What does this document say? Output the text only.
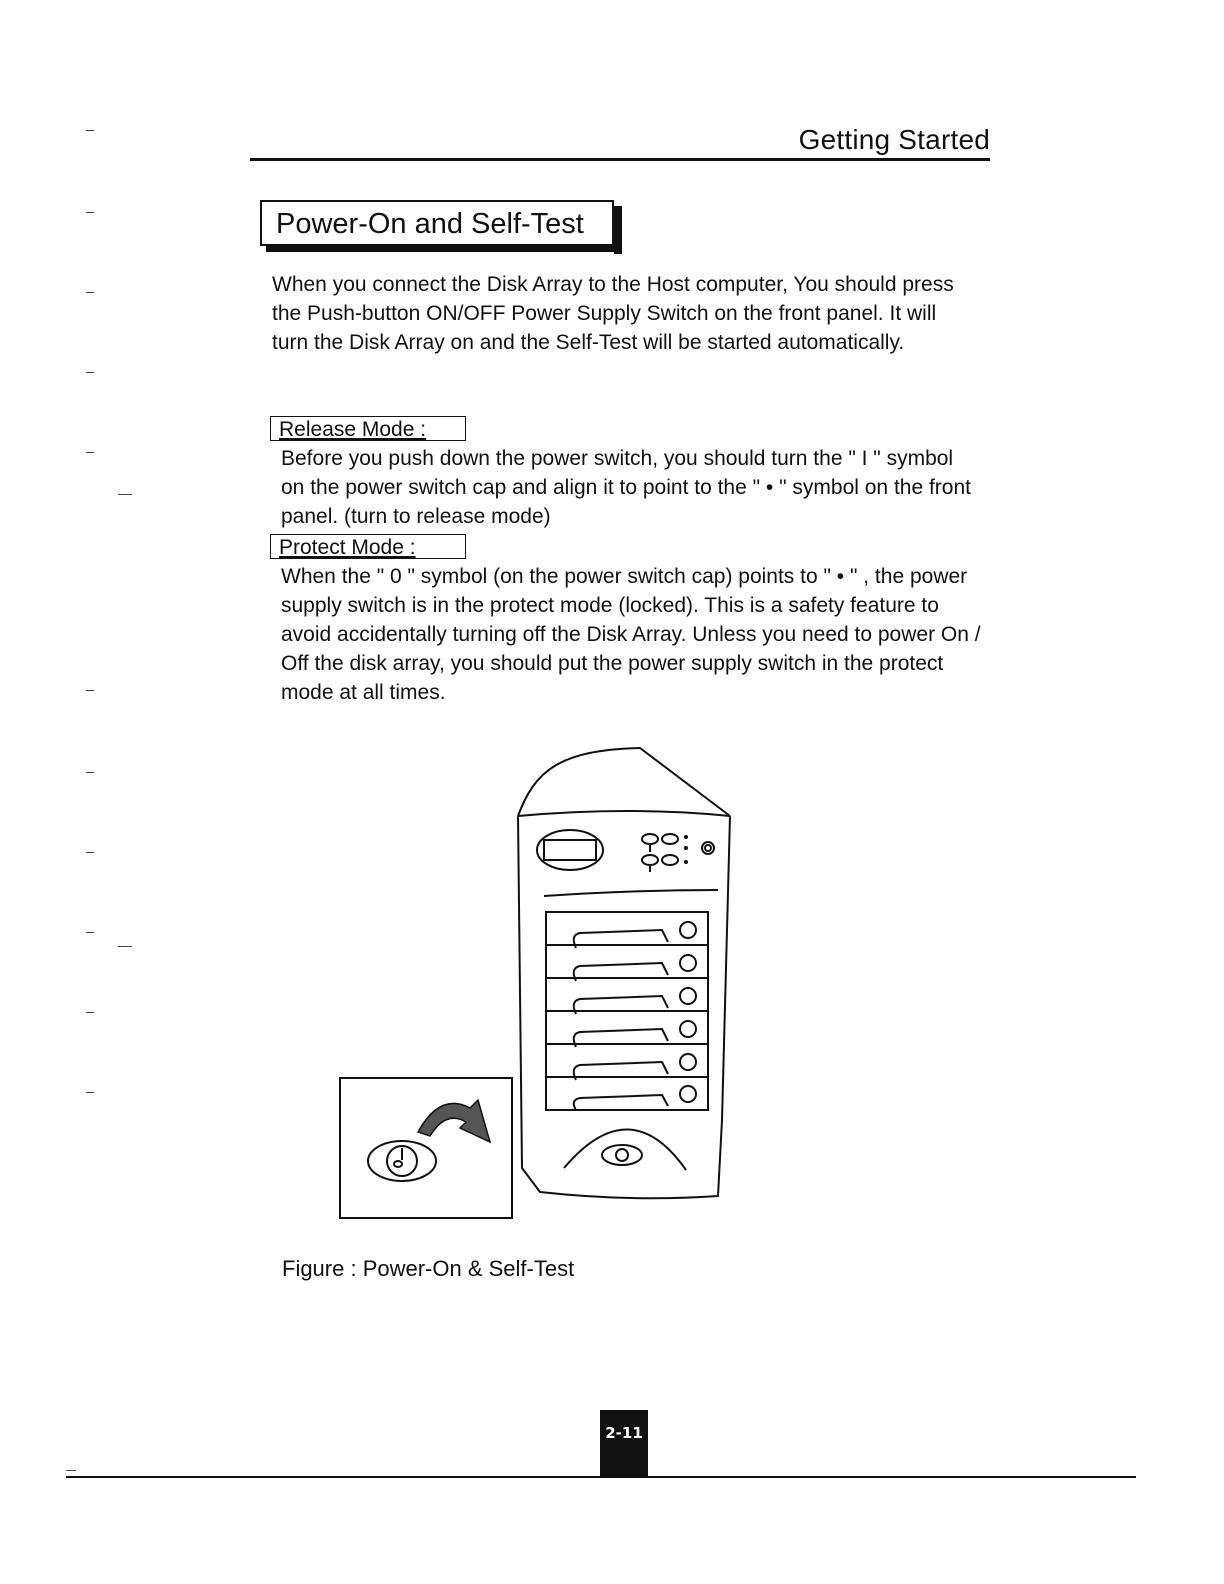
Getting Started
Power-On and Self-Test

When you connect the Disk Array to the Host computer, You should press the Push-button ON/OFF Power Supply Switch on the front panel. It will turn the Disk Array on and the Self-Test will be started automatically.

Release Mode :

Before you push down the power switch, you should turn the " I " symbol on the power switch cap and align it to point to the " • " symbol on the front panel. (turn to release mode)

Protect Mode :

When the " 0 " symbol (on the power switch cap) points to " • " , the power supply switch is in the protect mode (locked). This is a safety feature to avoid accidentally turning off the Disk Array. Unless you need to power On / Off the disk array, you should put the power supply switch in the protect mode at all times.

Figure : Power-On & Self-Test
2-11
